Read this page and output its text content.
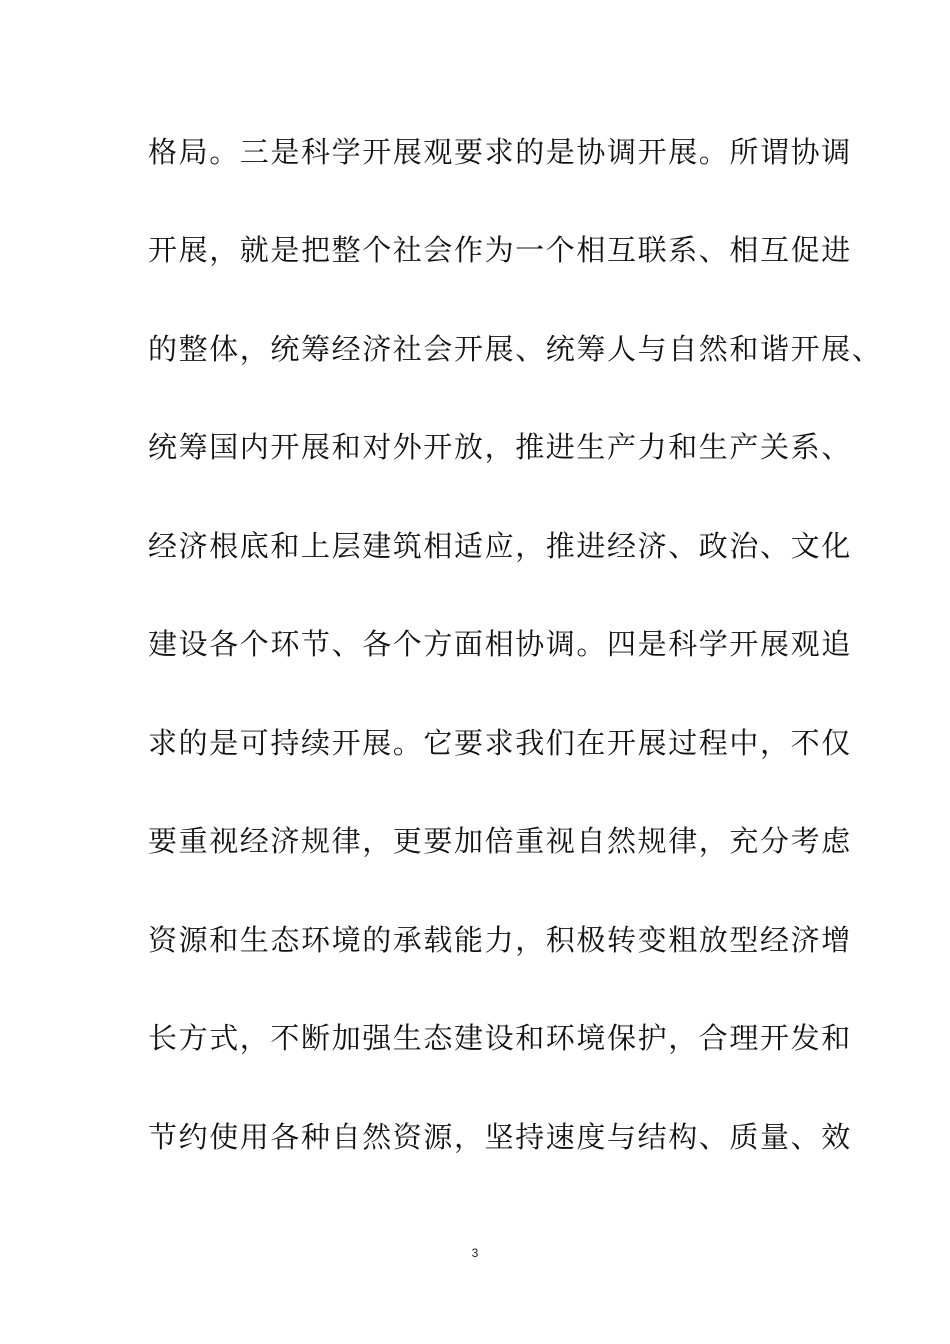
格局。三是科学开展观要求的是协调开展。所谓协调

开展，就是把整个社会作为一个相互联系、相互促进

的整体，统筹经济社会开展、统筹人与自然和谐开展、

统筹国内开展和对外开放，推进生产力和生产关系、

经济根底和上层建筑相适应，推进经济、政治、文化

建设各个环节、各个方面相协调。四是科学开展观追

求的是可持续开展。它要求我们在开展过程中，不仅

要重视经济规律，更要加倍重视自然规律，充分考虑

资源和生态环境的承载能力，积极转变粗放型经济增

长方式，不断加强生态建设和环境保护，合理开发和

节约使用各种自然资源，坚持速度与结构、质量、效

3
